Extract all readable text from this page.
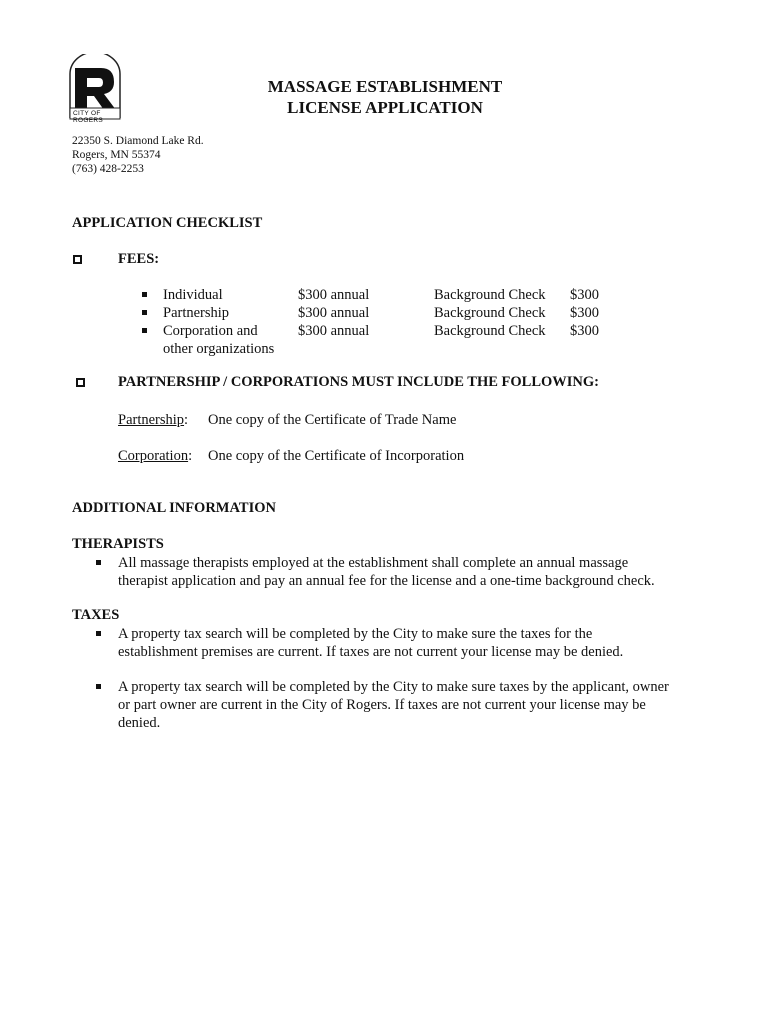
CITY OF ROGERS
MASSAGE ESTABLISHMENT
LICENSE APPLICATION
22350 S. Diamond Lake Rd.
Rogers, MN 55374
(763) 428-2253
APPLICATION CHECKLIST
FEES:
Individual	$300 annual	Background Check $300
Partnership	$300 annual	Background Check $300
Corporation and
other organizations
$300 annual	Background Check $300
PARTNERSHIP / CORPORATIONS MUST INCLUDE THE FOLLOWING:
Partnership: One copy of the Certificate of Trade Name
Corporation: One copy of the Certificate of Incorporation
ADDITIONAL INFORMATION
THERAPISTS
All massage therapists employed at the establishment shall complete an annual massage
therapist application and pay an annual fee for the license and a one-time background check.
TAXES
A property tax search will be completed by the City to make sure the taxes for the
establishment premises are current. If taxes are not current your license may be denied.
A property tax search will be completed by the City to make sure taxes by the applicant, owner
or part owner are current in the City of Rogers. If taxes are not current your license may be
denied.
